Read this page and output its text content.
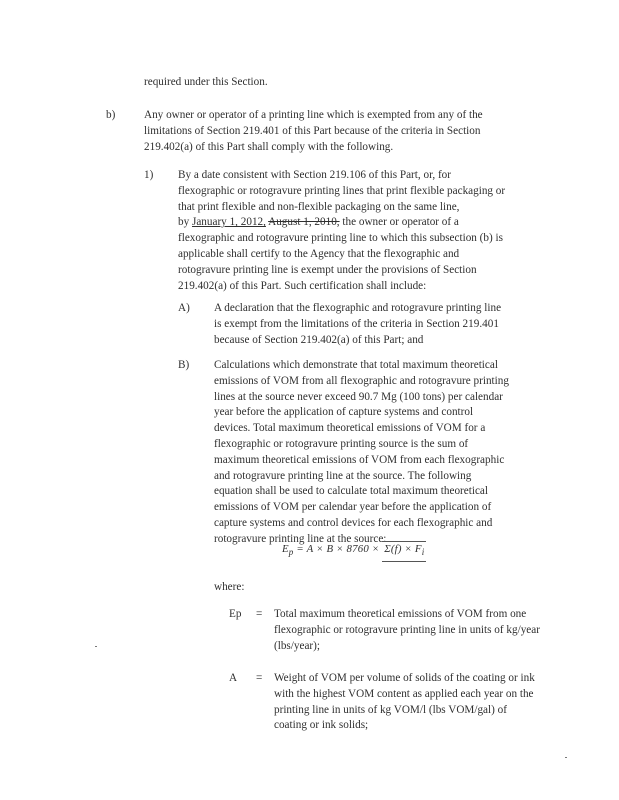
required under this Section.
b)	Any owner or operator of a printing line which is exempted from any of the

limitations of Section 219.401 of this Part because of the criteria in Section

219.402(a) of this Part shall comply with the following.

1) By a date consistent with Section 219.106 of this Part, or, for

flexographic or rotogravure printing lines that print flexible packaging or

that print flexible and non-flexible packaging on the same line,

by January 1, 2012, August 1, 2010, the owner or operator of a

flexographic and rotogravure printing line to which this subsection (b) is

applicable shall certify to the Agency that the flexographic and

rotogravure printing line is exempt under the provisions of Section

219.402(a) of this Part. Such certification shall include:

A) A declaration that the flexographic and rotogravure printing line

is exempt from the limitations of the criteria in Section 219.401

because of Section 219.402(a) of this Part; and

B) Calculations which demonstrate that total maximum theoretical

emissions of VOM from all flexographic and rotogravure printing

lines at the source never exceed 90.7 Mg (100 tons) per calendar

year before the application of capture systems and control

devices. Total maximum theoretical emissions of VOM for a

flexographic or rotogravure printing source is the sum of

maximum theoretical emissions of VOM from each flexographic

and rotogravure printing line at the source. The following

equation shall be used to calculate total maximum theoretical

emissions of VOM per calendar year before the application of

capture systems and control devices for each flexographic and

rotogravure printing line at the source:

$E_p = A \times B \times 8760 \times \Sigma(f) \times F_i$
where:
Ep = Total maximum theoretical emissions of VOM from one

flexographic or rotogravure printing line in units of kg/year

(lbs/year);

A = Weight of VOM per volume of solids of the coating or ink

with the highest VOM content as applied each year on the

printing line in units of kg VOM/l (lbs VOM/gal) of

coating or ink solids;
